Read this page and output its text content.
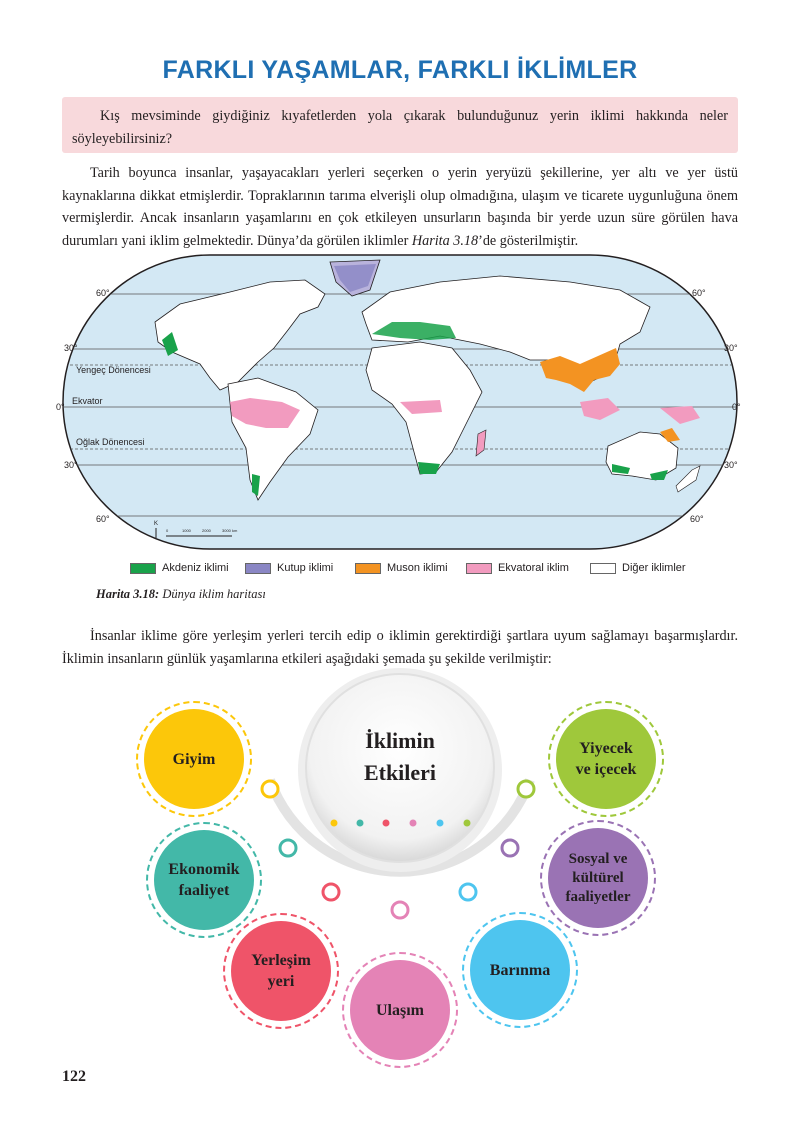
FARKLI YAŞAMLAR, FARKLI İKLİMLER
Kış mevsiminde giydiğiniz kıyafetlerden yola çıkarak bulunduğunuz yerin iklimi hakkında neler söyleyebilirsiniz?
Tarih boyunca insanlar, yaşayacakları yerleri seçerken o yerin yeryüzü şekillerine, yer altı ve yer üstü kaynaklarına dikkat etmişlerdir. Topraklarının tarıma elverişli olup olmadığına, ulaşım ve ticarete uygunluğuna önem vermişlerdir. Ancak insanların yaşamlarını en çok etkileyen unsurların başında bir yerde uzun süre görülen hava durumları yani iklim gelmektedir. Dünya’da görülen iklimler Harita 3.18’de gösterilmiştir.
60°	60°
30°	30°
0°	0°
30°	30°
60°	60°
Yengeç Dönencesi
Ekvator
Oğlak Dönencesi
K
0	1000	2000	3000 km
Akdeniz iklimi	Kutup iklimi	Muson iklimi	Ekvatoral iklim	Diğer iklimler
Harita 3.18: Dünya iklim haritası
İnsanlar iklime göre yerleşim yerleri tercih edip o iklimin gerektirdiği şartlara uyum sağlamayı başarmışlardır. İklimin insanların günlük yaşamlarına etkileri aşağıdaki şemada şu şekilde verilmiştir:
İklimin
Etkileri
Giyim
Ekonomik faaliyet
Yerleşim yeri
Ulaşım
Barınma
Sosyal ve kültürel faaliyetler
Yiyecek ve içecek
122
